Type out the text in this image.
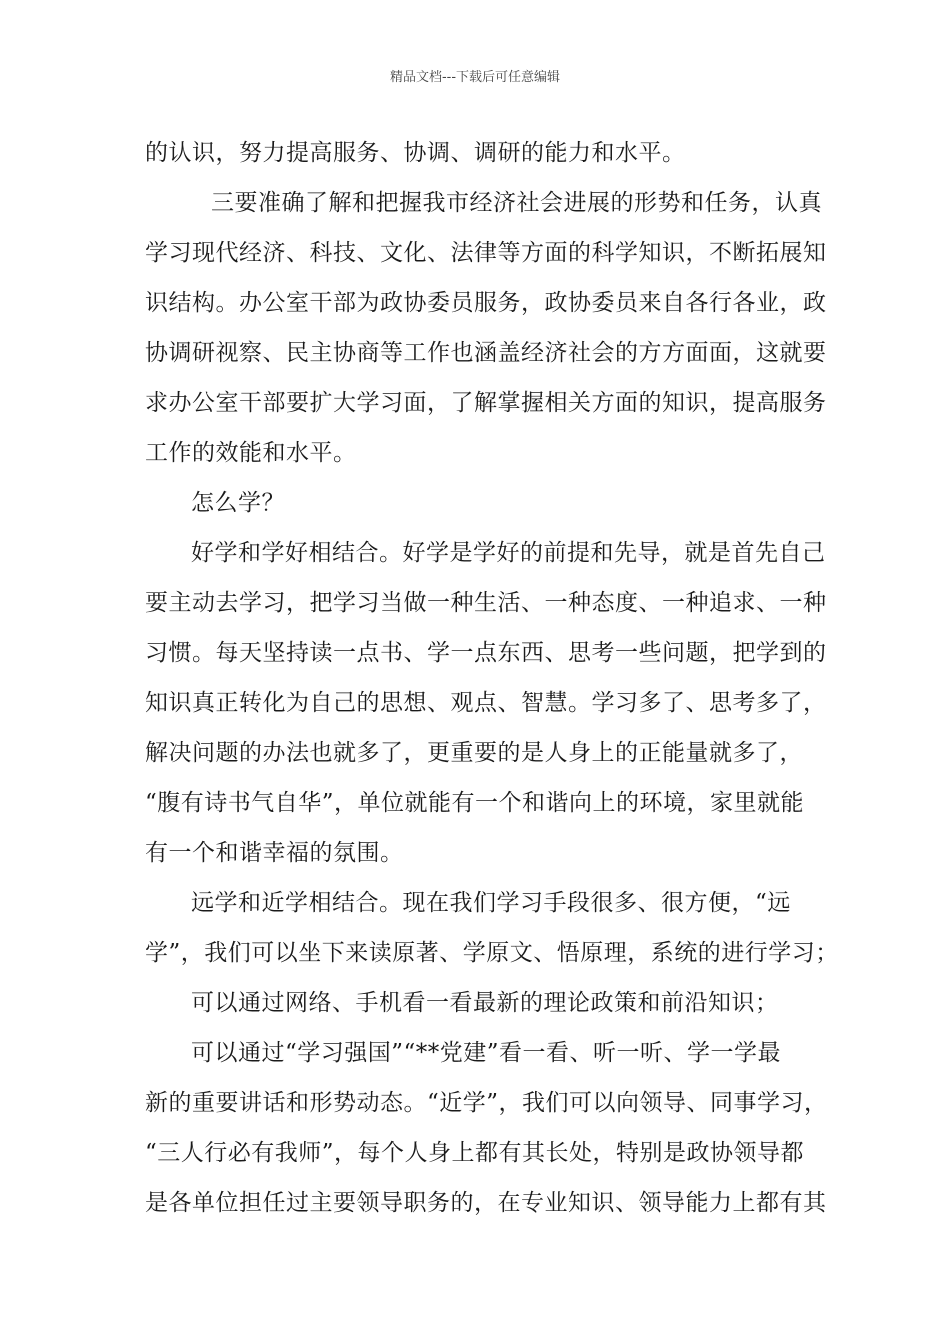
精品文档---下载后可任意编辑
的认识，努力提高服务、协调、调研的能力和水平。
三要准确了解和把握我市经济社会进展的形势和任务，认真
学习现代经济、科技、文化、法律等方面的科学知识，不断拓展知
识结构。办公室干部为政协委员服务，政协委员来自各行各业，政
协调研视察、民主协商等工作也涵盖经济社会的方方面面，这就要
求办公室干部要扩大学习面，了解掌握相关方面的知识，提高服务
工作的效能和水平。
怎么学？
好学和学好相结合。好学是学好的前提和先导，就是首先自己
要主动去学习，把学习当做一种生活、一种态度、一种追求、一种
习惯。每天坚持读一点书、学一点东西、思考一些问题，把学到的
知识真正转化为自己的思想、观点、智慧。学习多了、思考多了，
解决问题的办法也就多了，更重要的是人身上的正能量就多了，
“腹有诗书气自华”，单位就能有一个和谐向上的环境，家里就能
有一个和谐幸福的氛围。
远学和近学相结合。现在我们学习手段很多、很方便，“远
学”，我们可以坐下来读原著、学原文、悟原理，系统的进行学习；
可以通过网络、手机看一看最新的理论政策和前沿知识；
可以通过“学习强国”“**党建”看一看、听一听、学一学最
新的重要讲话和形势动态。“近学”，我们可以向领导、同事学习，
“三人行必有我师”，每个人身上都有其长处，特别是政协领导都
是各单位担任过主要领导职务的，在专业知识、领导能力上都有其
